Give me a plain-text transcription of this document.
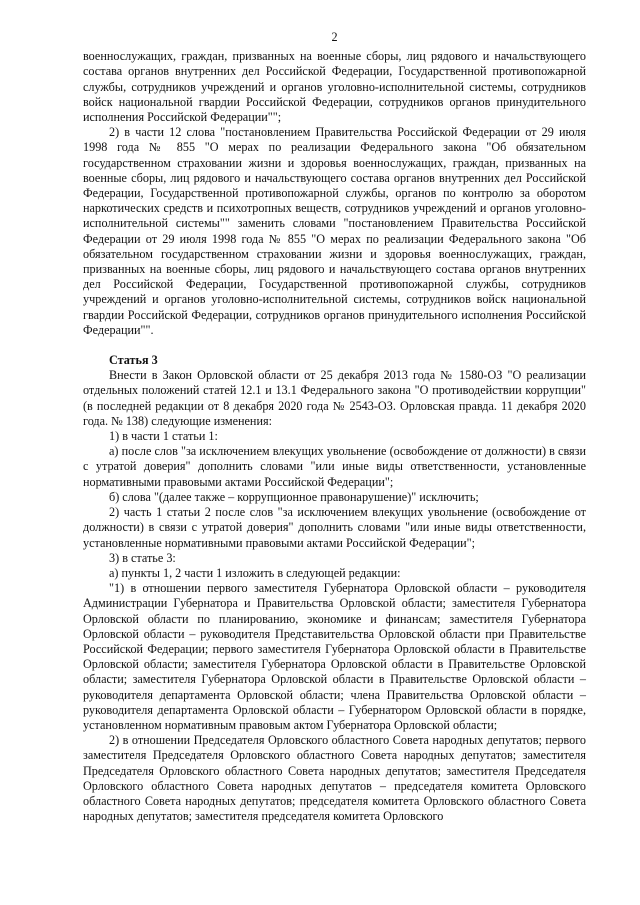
2

военнослужащих, граждан, призванных на военные сборы, лиц рядового и начальствующего состава органов внутренних дел Российской Федерации, Государственной противопожарной службы, сотрудников учреждений и органов уголовно-исполнительной системы, сотрудников войск национальной гвардии Российской Федерации, сотрудников органов принудительного исполнения Российской Федерации"";

2) в части 12 слова "постановлением Правительства Российской Федерации от 29 июля 1998 года № 855 "О мерах по реализации Федерального закона "Об обязательном государственном страховании жизни и здоровья военнослужащих, граждан, призванных на военные сборы, лиц рядового и начальствующего состава органов внутренних дел Российской Федерации, Государственной противопожарной службы, органов по контролю за оборотом наркотических средств и психотропных веществ, сотрудников учреждений и органов уголовно-исполнительной системы"" заменить словами "постановлением Правительства Российской Федерации от 29 июля 1998 года № 855 "О мерах по реализации Федерального закона "Об обязательном государственном страховании жизни и здоровья военнослужащих, граждан, призванных на военные сборы, лиц рядового и начальствующего состава органов внутренних дел Российской Федерации, Государственной противопожарной службы, сотрудников учреждений и органов уголовно-исполнительной системы, сотрудников войск национальной гвардии Российской Федерации, сотрудников органов принудительного исполнения Российской Федерации"".

Статья 3

Внести в Закон Орловской области от 25 декабря 2013 года № 1580-ОЗ "О реализации отдельных положений статей 12.1 и 13.1 Федерального закона "О противодействии коррупции" (в последней редакции от 8 декабря 2020 года № 2543-ОЗ. Орловская правда. 11 декабря 2020 года. № 138) следующие изменения:

1) в части 1 статьи 1:

а) после слов "за исключением влекущих увольнение (освобождение от должности) в связи с утратой доверия" дополнить словами "или иные виды ответственности, установленные нормативными правовыми актами Российской Федерации";

б) слова "(далее также – коррупционное правонарушение)" исключить;

2) часть 1 статьи 2 после слов "за исключением влекущих увольнение (освобождение от должности) в связи с утратой доверия" дополнить словами "или иные виды ответственности, установленные нормативными правовыми актами Российской Федерации";

3) в статье 3:

а) пункты 1, 2 части 1 изложить в следующей редакции:

"1) в отношении первого заместителя Губернатора Орловской области – руководителя Администрации Губернатора и Правительства Орловской области; заместителя Губернатора Орловской области по планированию, экономике и финансам; заместителя Губернатора Орловской области – руководителя Представительства Орловской области при Правительстве Российской Федерации; первого заместителя Губернатора Орловской области в Правительстве Орловской области; заместителя Губернатора Орловской области в Правительстве Орловской области; заместителя Губернатора Орловской области в Правительстве Орловской области – руководителя департамента Орловской области; члена Правительства Орловской области – руководителя департамента Орловской области – Губернатором Орловской области в порядке, установленном нормативным правовым актом Губернатора Орловской области;

2) в отношении Председателя Орловского областного Совета народных депутатов; первого заместителя Председателя Орловского областного Совета народных депутатов; заместителя Председателя Орловского областного Совета народных депутатов; заместителя Председателя Орловского областного Совета народных депутатов – председателя комитета Орловского областного Совета народных депутатов; председателя комитета Орловского областного Совета народных депутатов; заместителя председателя комитета Орловского
